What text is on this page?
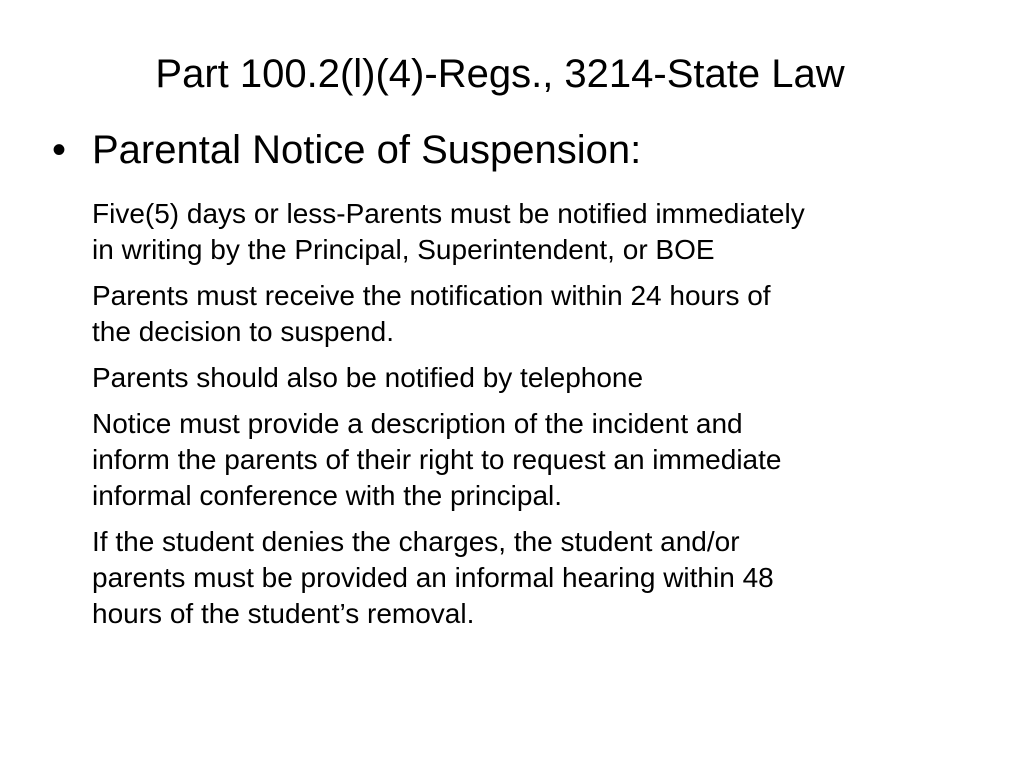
Part 100.2(l)(4)-Regs., 3214-State Law
• Parental Notice of Suspension:
Five(5) days or less-Parents must be notified immediately
in writing by the Principal, Superintendent, or BOE
Parents must receive the notification within 24 hours of
the decision to suspend.
Parents should also be notified by telephone
Notice must provide a description of the incident and
inform the parents of their right to request an immediate
informal conference with the principal.
If the student denies the charges, the student and/or
parents must be provided an informal hearing within 48
hours of the student’s removal.
